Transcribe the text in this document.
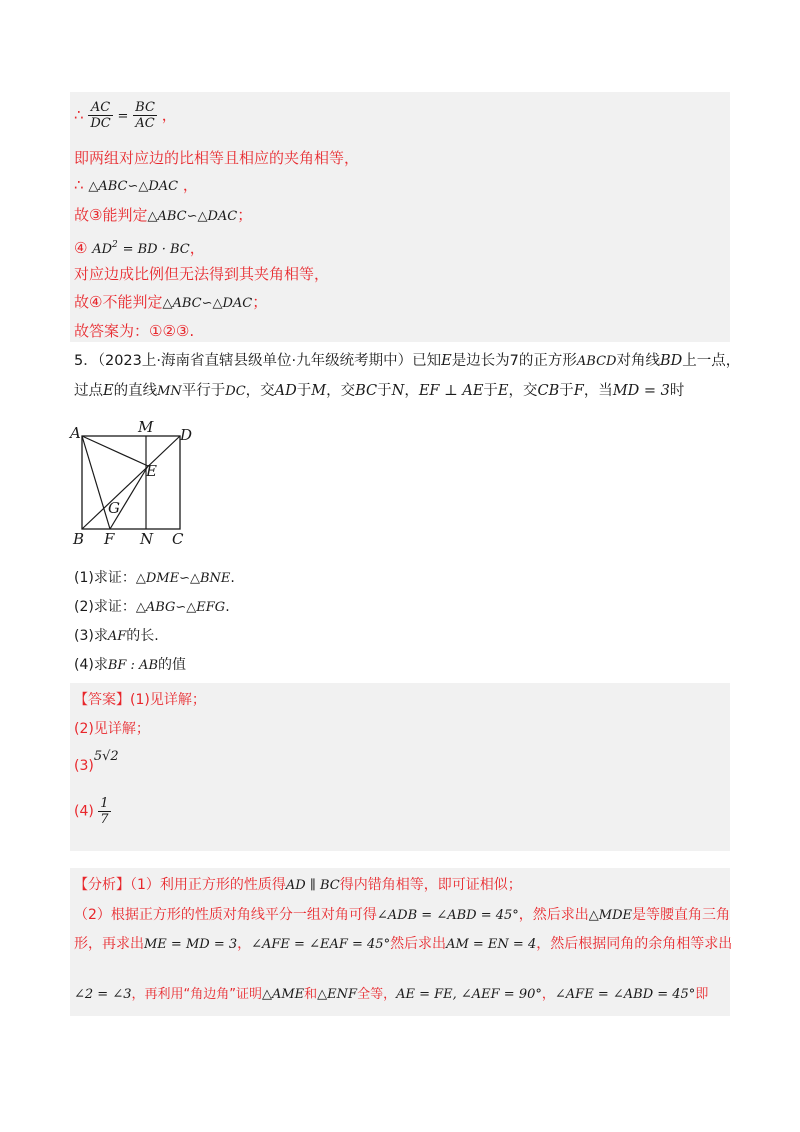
∴ $\frac{AC}{DC} = \frac{BC}{AC}$ ，
即两组对应边的比相等且相应的夹角相等，
∴ △ABC∽△DAC ，
故③能判定△ABC∽△DAC；
④ $AD^2$ = BD · BC，
对应边成比例但无法得到其夹角相等，
故④不能判定△ABC∽△DAC；
故答案为：①②③.
5．（2023上·海南省直辖县级单位·九年级统考期中）已知E是边长为7的正方形ABCD对角线BD上一点，
过点E的直线MN平行于DC，交AD于M，交BC于N，EF ⊥ AE于E，交CB于F，当MD = 3时
A	M D
E
G
B F N C
(1)求证：△DME∽△BNE.
(2)求证：△ABG∽△EFG.
(3)求AF的长.
(4)求BF : AB的值
【答案】(1)见详解；
(2)见详解；
(3)5√2
$(4) \frac{1}{7}$
【分析】（1）利用正方形的性质得AD ∥ BC得内错角相等，即可证相似；
（2）根据正方形的性质对角线平分一组对角可得∠ADB = ∠ABD = 45°，然后求出△MDE是等腰直角三角
形，再求出ME = MD = 3，∠AFE = ∠EAF = 45°然后求出AM = EN = 4，然后根据同角的余角相等求出
∠2 = ∠3，再利用“角边角”证明△AME和△ENF全等，AE = FE, ∠AEF = 90°，∠AFE = ∠ABD = 45°即
